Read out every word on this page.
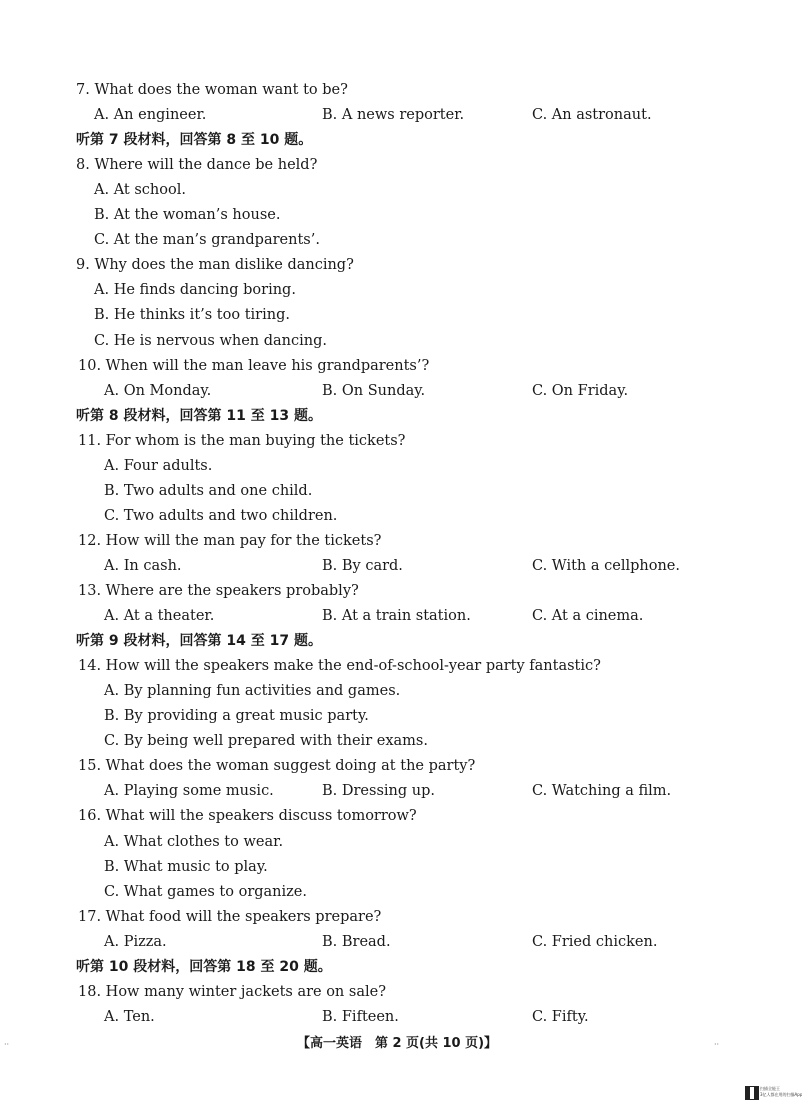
7. What does the woman want to be?
A. An engineer.	B. A news reporter.	C. An astronaut.
听第 7 段材料，回答第 8 至 10 题。
8. Where will the dance be held?
A. At school.
B. At the woman’s house.
C. At the man’s grandparents’.
9. Why does the man dislike dancing?
A. He finds dancing boring.
B. He thinks it’s too tiring.
C. He is nervous when dancing.
10. When will the man leave his grandparents’?
A. On Monday.	B. On Sunday.	C. On Friday.
听第 8 段材料，回答第 11 至 13 题。
11. For whom is the man buying the tickets?
A. Four adults.
B. Two adults and one child.
C. Two adults and two children.
12. How will the man pay for the tickets?
A. In cash.	B. By card.	C. With a cellphone.
13. Where are the speakers probably?
A. At a theater.	B. At a train station.	C. At a cinema.
听第 9 段材料，回答第 14 至 17 题。
14. How will the speakers make the end-of-school-year party fantastic?
A. By planning fun activities and games.
B. By providing a great music party.
C. By being well prepared with their exams.
15. What does the woman suggest doing at the party?
A. Playing some music.	B. Dressing up.	C. Watching a film.
16. What will the speakers discuss tomorrow?
A. What clothes to wear.
B. What music to play.
C. What games to organize.
17. What food will the speakers prepare?
A. Pizza.	B. Bread.	C. Fried chicken.
听第 10 段材料，回答第 18 至 20 题。
18. How many winter jackets are on sale?
A. Ten.	B. Fifteen.	C. Fifty.
【高一英语　第 2 页(共 10 页)】
··	··
扫描全能王
3亿人都在用的扫描App
